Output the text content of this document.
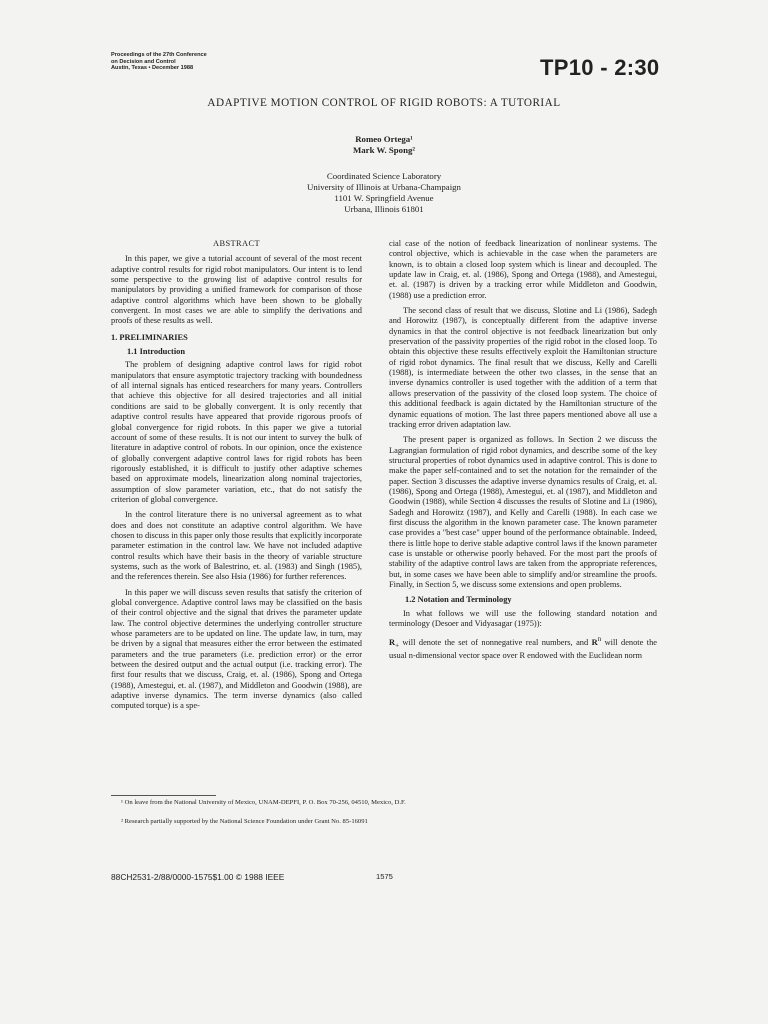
Proceedings of the 27th Conference
on Decision and Control
Austin, Texas • December 1988	TP10 - 2:30
ADAPTIVE MOTION CONTROL OF RIGID ROBOTS: A TUTORIAL
Romeo Ortega¹
Mark W. Spong²
Coordinated Science Laboratory
University of Illinois at Urbana-Champaign
1101 W. Springfield Avenue
Urbana, Illinois 61801
ABSTRACT

In this paper, we give a tutorial account of several of the most recent adaptive control results for rigid robot manipulators. Our intent is to lend some perspective to the growing list of adaptive control results for manipulators by providing a unified framework for comparison of those adaptive control algorithms which have been shown to be globally convergent. In most cases we are able to simplify the derivations and proofs of these results as well.

1. PRELIMINARIES
1.1 Introduction

The problem of designing adaptive control laws for rigid robot manipulators that ensure asymptotic trajectory tracking with boundedness of all internal signals has enticed researchers for many years. Controllers that achieve this objective for all desired trajectories and all initial conditions are said to be globally convergent. It is only recently that adaptive control results have appeared that provide rigorous proofs of global convergence for rigid robots. In this paper we give a tutorial account of some of these results. It is not our intent to survey the bulk of literature in adaptive control of robots. In our opinion, once the existence of globally convergent adaptive control laws for rigid robots has been rigorously established, it is difficult to justify other adaptive schemes based on approximate models, linearization along nominal trajectories, assumption of slow parameter variation, etc., that do not satisfy the criterion of global convergence.

In the control literature there is no universal agreement as to what does and does not constitute an adaptive control algorithm. We have chosen to discuss in this paper only those results that explicitly incorporate parameter estimation in the control law. We have not included adaptive control results which have their basis in the theory of variable structure systems, such as the work of Balestrino, et. al. (1983) and Singh (1985), and the references therein. See also Hsia (1986) for further references.

In this paper we will discuss seven results that satisfy the criterion of global convergence. Adaptive control laws may be classified on the basis of their control objective and the signal that drives the parameter update law. The control objective determines the underlying controller structure whose parameters are to be updated on line. The update law, in turn, may be driven by a signal that measures either the error between the estimated parameters and the true parameters (i.e. prediction error) or the error between the desired output and the actual output (i.e. tracking error). The first four results that we discuss, Craig, et. al. (1986), Spong and Ortega (1988), Amestegui, et. al. (1987), and Middleton and Goodwin (1988), are adaptive inverse dynamics. The term inverse dynamics (also called computed torque) is a spe-

cial case of the notion of feedback linearization of nonlinear systems. The control objective, which is achievable in the case when the parameters are known, is to obtain a closed loop system which is linear and decoupled. The update law in Craig, et. al. (1986), Spong and Ortega (1988), and Amestegui, et. al. (1987) is driven by a tracking error while Middleton and Goodwin, (1988) use a prediction error.

The second class of result that we discuss, Slotine and Li (1986), Sadegh and Horowitz (1987), is conceptually different from the adaptive inverse dynamics in that the control objective is not feedback linearization but only preservation of the passivity properties of the rigid robot in the closed loop. To obtain this objective these results effectively exploit the Hamiltonian structure of rigid robot dynamics. The final result that we discuss, Kelly and Carelli (1988), is intermediate between the other two classes, in the sense that an inverse dynamics controller is used together with the addition of a term that allows preservation of the passivity of the closed loop system. The choice of this additional feedback is again dictated by the Hamiltonian structure of the dynamic equations of motion. The last three papers mentioned above all use a tracking error driven adaptation law.

The present paper is organized as follows. In Section 2 we discuss the Lagrangian formulation of rigid robot dynamics, and describe some of the key structural properties of robot dynamics used in adaptive control. This is done to make the paper self-contained and to set the notation for the remainder of the paper. Section 3 discusses the adaptive inverse dynamics results of Craig, et. al. (1986), Spong and Ortega (1988), Amestegui, et. al (1987), and Middleton and Goodwin (1988), while Section 4 discusses the results of Slotine and Li (1986), Sadegh and Horowitz (1987), and Kelly and Carelli (1988). In each case we first discuss the algorithm in the known parameter case. The known parameter case provides a "best case" upper bound of the performance obtainable. Indeed, there is little hope to derive stable adaptive control laws if the known parameter case is unstable or otherwise poorly behaved. For the most part the proofs of stability of the adaptive control laws are taken from the appropriate references, but, in some cases we have been able to simplify and/or streamline the proofs. Finally, in Section 5, we discuss some extensions and open problems.

1.2 Notation and Terminology

In what follows we will use the following standard notation and terminology (Desoer and Vidyasagar (1975)):

$R_+$ will denote the set of nonnegative real numbers, and $R^n$ will denote the usual n-dimensional vector space over R endowed with the Euclidean norm

¹ On leave from the National University of Mexico, UNAM-DEPFI, P. O. Box 70-256, 04510, Mexico, D.F.
² Research partially supported by the National Science Foundation under Grant No. 85-16091
88CH2531-2/88/0000-1575$1.00 © 1988 IEEE	1575
